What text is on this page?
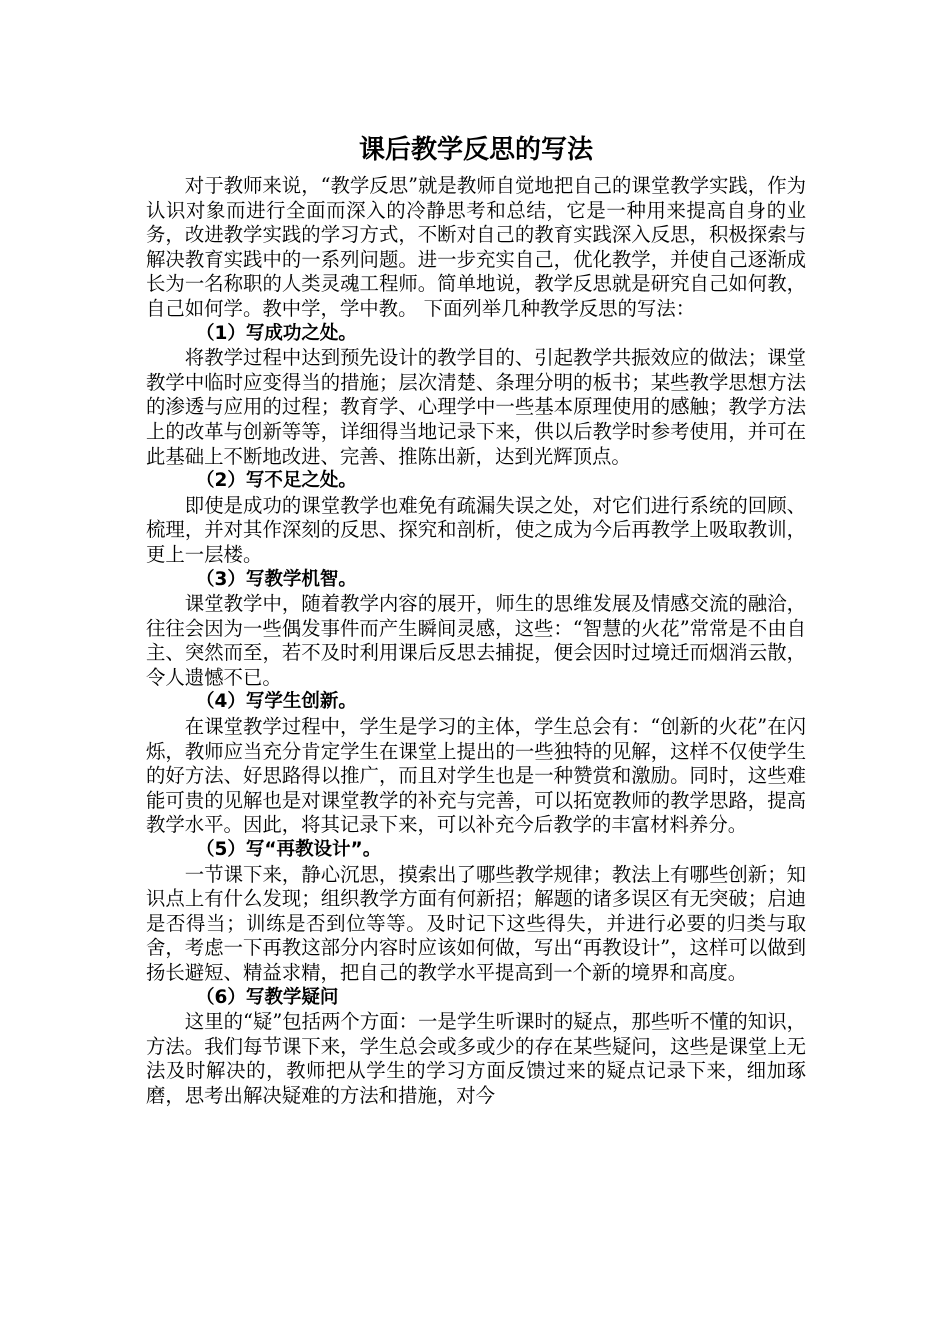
课后教学反思的写法

对于教师来说，“教学反思”就是教师自觉地把自己的课堂教学实践，作为认识对象而进行全面而深入的冷静思考和总结，它是一种用来提高自身的业务，改进教学实践的学习方式，不断对自己的教育实践深入反思，积极探索与解决教育实践中的一系列问题。进一步充实自己，优化教学，并使自己逐渐成长为一名称职的人类灵魂工程师。简单地说，教学反思就是研究自己如何教，自己如何学。教中学，学中教。 下面列举几种教学反思的写法：

（1）写成功之处。

将教学过程中达到预先设计的教学目的、引起教学共振效应的做法；课堂教学中临时应变得当的措施；层次清楚、条理分明的板书；某些教学思想方法的渗透与应用的过程；教育学、心理学中一些基本原理使用的感触；教学方法上的改革与创新等等，详细得当地记录下来，供以后教学时参考使用，并可在此基础上不断地改进、完善、推陈出新，达到光辉顶点。

（2）写不足之处。

即使是成功的课堂教学也难免有疏漏失误之处，对它们进行系统的回顾、梳理，并对其作深刻的反思、探究和剖析，使之成为今后再教学上吸取教训，更上一层楼。

（3）写教学机智。

课堂教学中，随着教学内容的展开，师生的思维发展及情感交流的融洽，往往会因为一些偶发事件而产生瞬间灵感，这些：“智慧的火花”常常是不由自主、突然而至，若不及时利用课后反思去捕捉，便会因时过境迁而烟消云散，令人遗憾不已。

（4）写学生创新。

在课堂教学过程中，学生是学习的主体，学生总会有：“创新的火花”在闪烁，教师应当充分肯定学生在课堂上提出的一些独特的见解，这样不仅使学生的好方法、好思路得以推广，而且对学生也是一种赞赏和激励。同时，这些难能可贵的见解也是对课堂教学的补充与完善，可以拓宽教师的教学思路，提高教学水平。因此，将其记录下来，可以补充今后教学的丰富材料养分。

（5）写“再教设计”。

一节课下来，静心沉思，摸索出了哪些教学规律；教法上有哪些创新；知识点上有什么发现；组织教学方面有何新招；解题的诸多误区有无突破；启迪是否得当；训练是否到位等等。及时记下这些得失，并进行必要的归类与取舍，考虑一下再教这部分内容时应该如何做，写出“再教设计”，这样可以做到扬长避短、精益求精，把自己的教学水平提高到一个新的境界和高度。

（6）写教学疑问

这里的“疑”包括两个方面：一是学生听课时的疑点，那些听不懂的知识，方法。我们每节课下来，学生总会或多或少的存在某些疑问，这些是课堂上无法及时解决的，教师把从学生的学习方面反馈过来的疑点记录下来，细加琢磨，思考出解决疑难的方法和措施，对今
